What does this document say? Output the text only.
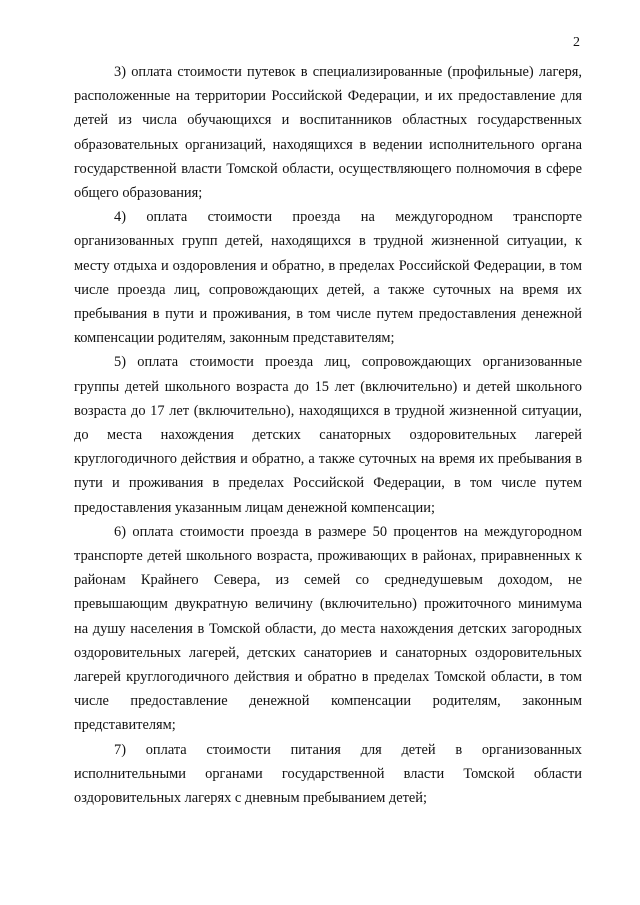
2

3) оплата стоимости путевок в специализированные (профильные) лагеря, расположенные на территории Российской Федерации, и их предоставление для детей из числа обучающихся и воспитанников областных государственных образовательных организаций, находящихся в ведении исполнительного органа государственной власти Томской области, осуществляющего полномочия в сфере общего образования;

4) оплата стоимости проезда на междугородном транспорте организованных групп детей, находящихся в трудной жизненной ситуации, к месту отдыха и оздоровления и обратно, в пределах Российской Федерации, в том числе проезда лиц, сопровождающих детей, а также суточных на время их пребывания в пути и проживания, в том числе путем предоставления денежной компенсации родителям, законным представителям;

5) оплата стоимости проезда лиц, сопровождающих организованные группы детей школьного возраста до 15 лет (включительно) и детей школьного возраста до 17 лет (включительно), находящихся в трудной жизненной ситуации, до места нахождения детских санаторных оздоровительных лагерей круглогодичного действия и обратно, а также суточных на время их пребывания в пути и проживания в пределах Российской Федерации, в том числе путем предоставления указанным лицам денежной компенсации;

6) оплата стоимости проезда в размере 50 процентов на междугородном транспорте детей школьного возраста, проживающих в районах, приравненных к районам Крайнего Севера, из семей со среднедушевым доходом, не превышающим двукратную величину (включительно) прожиточного минимума на душу населения в Томской области, до места нахождения детских загородных оздоровительных лагерей, детских санаториев и санаторных оздоровительных лагерей круглогодичного действия и обратно в пределах Томской области, в том числе предоставление денежной компенсации родителям, законным представителям;

7) оплата стоимости питания для детей в организованных исполнительными органами государственной власти Томской области оздоровительных лагерях с дневным пребыванием детей;
